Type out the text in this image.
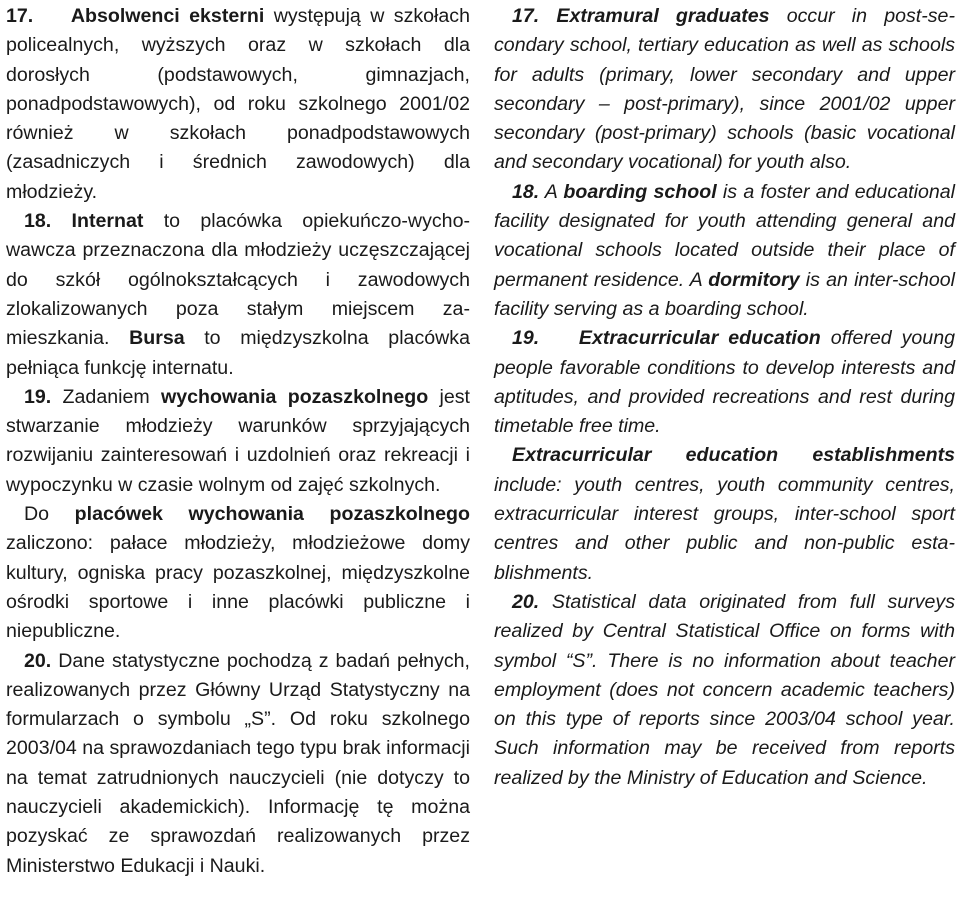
17. Absolwenci eksterni występują w szkołach policealnych, wyższych oraz w szkołach dla dorosłych (podstawowych, gimnazjach, ponadpodstawowych), od roku szkolnego 2001/02 również w szkołach ponadpodstawowych (zasadniczych i średnich zawodowych) dla młodzieży.

18. Internat to placówka opiekuńczo-wychowawcza przeznaczona dla młodzieży uczęszczającej do szkół ogólnokształcących i zawodowych zlokalizowanych poza stałym miejscem zamieszkania. Bursa to międzyszkolna placówka pełniąca funkcję internatu.

19. Zadaniem wychowania pozaszkolnego jest stwarzanie młodzieży warunków sprzyjających rozwijaniu zainteresowań i uzdolnień oraz rekreacji i wypoczynku w czasie wolnym od zajęć szkolnych.

Do placówek wychowania pozaszkolnego zaliczono: pałace młodzieży, młodzieżowe domy kultury, ogniska pracy pozaszkolnej, międzyszkolne ośrodki sportowe i inne placówki publiczne i niepubliczne.

20. Dane statystyczne pochodzą z badań pełnych, realizowanych przez Główny Urząd Statystyczny na formularzach o symbolu „S”. Od roku szkolnego 2003/04 na sprawozdaniach tego typu brak informacji na temat zatrudnionych nauczycieli (nie dotyczy to nauczycieli akademickich). Informację tę można pozyskać ze sprawozdań realizowanych przez Ministerstwo Edukacji i Nauki.

17. Extramural graduates occur in post-secondary school, tertiary education as well as schools for adults (primary, lower secondary and upper secondary – post-primary), since 2001/02 upper secondary (post-primary) schools (basic vocational and secondary vocational) for youth also.

18. A boarding school is a foster and educational facility designated for youth attending general and vocational schools located outside their place of permanent residence. A dormitory is an inter-school facility serving as a boarding school.

19. Extracurricular education offered young people favorable conditions to develop interests and aptitudes, and provided recreations and rest during timetable free time.

Extracurricular education establishments include: youth centres, youth community centres, extracurricular interest groups, inter-school sport centres and other public and non-public establishments.

20. Statistical data originated from full surveys realized by Central Statistical Office on forms with symbol “S”. There is no information about teacher employment (does not concern academic teachers) on this type of reports since 2003/04 school year. Such information may be received from reports realized by the Ministry of Education and Science.
